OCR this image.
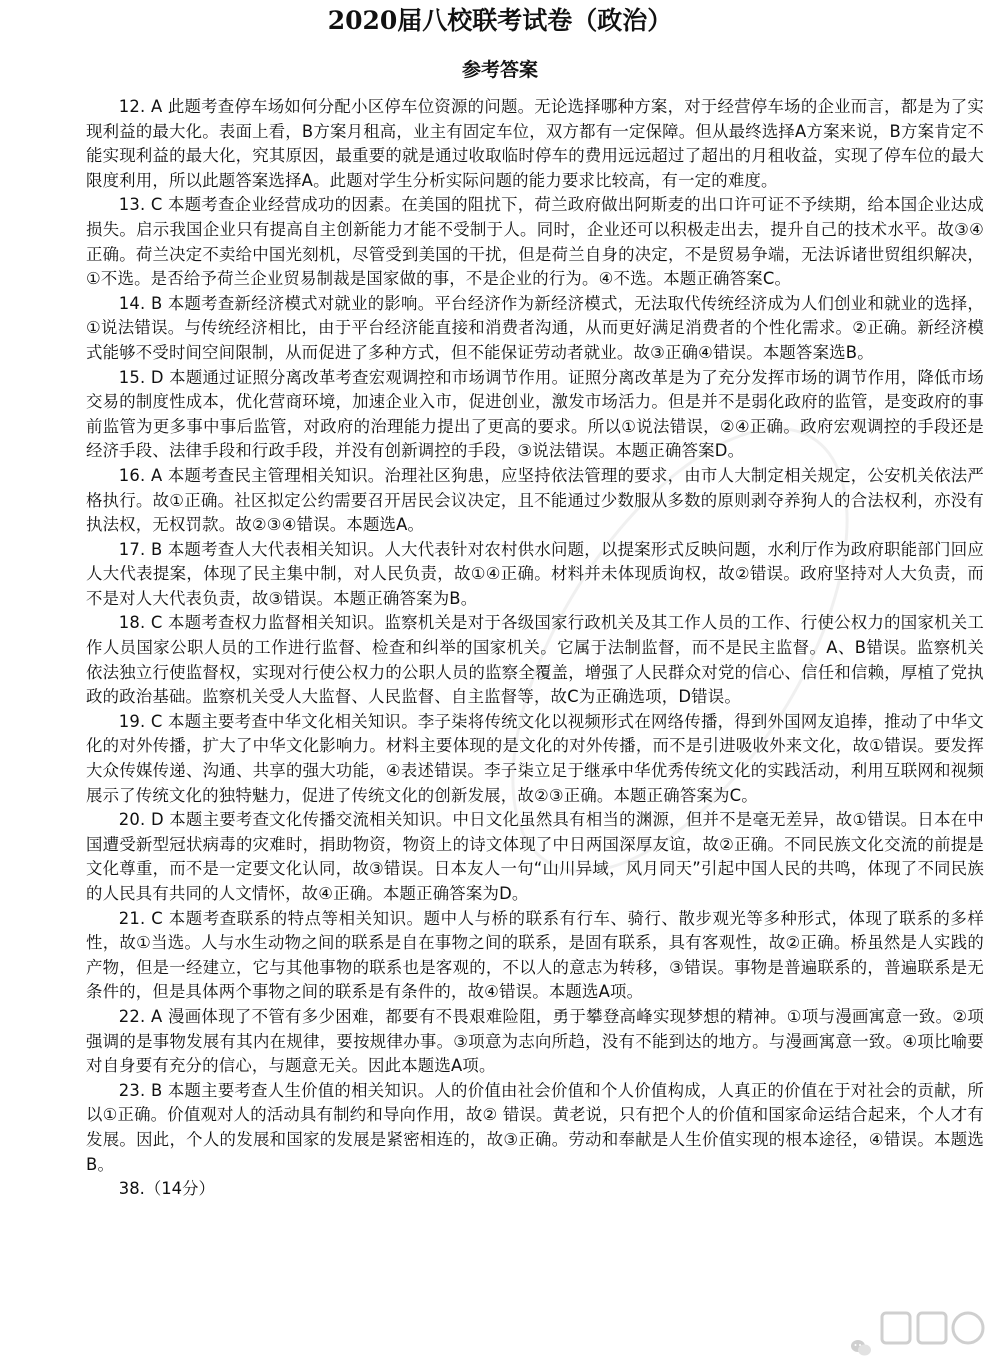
2020届八校联考试卷（政治）
参考答案

12. A 此题考查停车场如何分配小区停车位资源的问题。无论选择哪种方案，对于经营停车场的企业而言，都是为了实现利益的最大化。表面上看，B方案月租高，业主有固定车位，双方都有一定保障。但从最终选择A方案来说，B方案肯定不能实现利益的最大化，究其原因，最重要的就是通过收取临时停车的费用远远超过了超出的月租收益，实现了停车位的最大限度利用，所以此题答案选择A。此题对学生分析实际问题的能力要求比较高，有一定的难度。

13. C 本题考查企业经营成功的因素。在美国的阻扰下，荷兰政府做出阿斯麦的出口许可证不予续期，给本国企业达成损失。启示我国企业只有提高自主创新能力才能不受制于人。同时，企业还可以积极走出去，提升自己的技术水平。故③④正确。荷兰决定不卖给中国光刻机，尽管受到美国的干扰，但是荷兰自身的决定，不是贸易争端，无法诉诸世贸组织解决，①不选。是否给予荷兰企业贸易制裁是国家做的事，不是企业的行为。④不选。本题正确答案C。

14. B 本题考查新经济模式对就业的影响。平台经济作为新经济模式，无法取代传统经济成为人们创业和就业的选择，①说法错误。与传统经济相比，由于平台经济能直接和消费者沟通，从而更好满足消费者的个性化需求。②正确。新经济模式能够不受时间空间限制，从而促进了多种方式，但不能保证劳动者就业。故③正确④错误。本题答案选B。

15. D 本题通过证照分离改革考查宏观调控和市场调节作用。证照分离改革是为了充分发挥市场的调节作用，降低市场交易的制度性成本，优化营商环境，加速企业入市，促进创业，激发市场活力。但是并不是弱化政府的监管，是变政府的事前监管为更多事中事后监管，对政府的治理能力提出了更高的要求。所以①说法错误，②④正确。政府宏观调控的手段还是经济手段、法律手段和行政手段，并没有创新调控的手段，③说法错误。本题正确答案D。

16. A 本题考查民主管理相关知识。治理社区狗患，应坚持依法管理的要求，由市人大制定相关规定，公安机关依法严格执行。故①正确。社区拟定公约需要召开居民会议决定，且不能通过少数服从多数的原则剥夺养狗人的合法权利，亦没有执法权，无权罚款。故②③④错误。本题选A。

17. B 本题考查人大代表相关知识。人大代表针对农村供水问题，以提案形式反映问题，水利厅作为政府职能部门回应人大代表提案，体现了民主集中制，对人民负责，故①④正确。材料并未体现质询权，故②错误。政府坚持对人大负责，而不是对人大代表负责，故③错误。本题正确答案为B。

18. C 本题考查权力监督相关知识。监察机关是对于各级国家行政机关及其工作人员的工作、行使公权力的国家机关工作人员国家公职人员的工作进行监督、检查和纠举的国家机关。它属于法制监督，而不是民主监督。A、B错误。监察机关依法独立行使监督权，实现对行使公权力的公职人员的监察全覆盖，增强了人民群众对党的信心、信任和信赖，厚植了党执政的政治基础。监察机关受人大监督、人民监督、自主监督等，故C为正确选项，D错误。

19. C 本题主要考查中华文化相关知识。李子柒将传统文化以视频形式在网络传播，得到外国网友追捧，推动了中华文化的对外传播，扩大了中华文化影响力。材料主要体现的是文化的对外传播，而不是引进吸收外来文化，故①错误。要发挥大众传媒传递、沟通、共享的强大功能，④表述错误。李子柒立足于继承中华优秀传统文化的实践活动，利用互联网和视频展示了传统文化的独特魅力，促进了传统文化的创新发展，故②③正确。本题正确答案为C。

20. D 本题主要考查文化传播交流相关知识。中日文化虽然具有相当的渊源，但并不是毫无差异，故①错误。日本在中国遭受新型冠状病毒的灾难时，捐助物资，物资上的诗文体现了中日两国深厚友谊，故②正确。不同民族文化交流的前提是文化尊重，而不是一定要文化认同，故③错误。日本友人一句“山川异域，风月同天”引起中国人民的共鸣，体现了不同民族的人民具有共同的人文情怀，故④正确。本题正确答案为D。

21. C 本题考查联系的特点等相关知识。题中人与桥的联系有行车、骑行、散步观光等多种形式，体现了联系的多样性，故①当选。人与水生动物之间的联系是自在事物之间的联系，是固有联系，具有客观性，故②正确。桥虽然是人实践的产物，但是一经建立，它与其他事物的联系也是客观的，不以人的意志为转移，③错误。事物是普遍联系的，普遍联系是无条件的，但是具体两个事物之间的联系是有条件的，故④错误。本题选A项。

22. A 漫画体现了不管有多少困难，都要有不畏艰难险阻，勇于攀登高峰实现梦想的精神。①项与漫画寓意一致。②项强调的是事物发展有其内在规律，要按规律办事。③项意为志向所趋，没有不能到达的地方。与漫画寓意一致。④项比喻要对自身要有充分的信心，与题意无关。因此本题选A项。

23. B 本题主要考查人生价值的相关知识。人的价值由社会价值和个人价值构成，人真正的价值在于对社会的贡献，所以①正确。价值观对人的活动具有制约和导向作用，故② 错误。黄老说，只有把个人的价值和国家命运结合起来，个人才有发展。因此，个人的发展和国家的发展是紧密相连的，故③正确。劳动和奉献是人生价值实现的根本途径，④错误。本题选B。

38.（14分）
